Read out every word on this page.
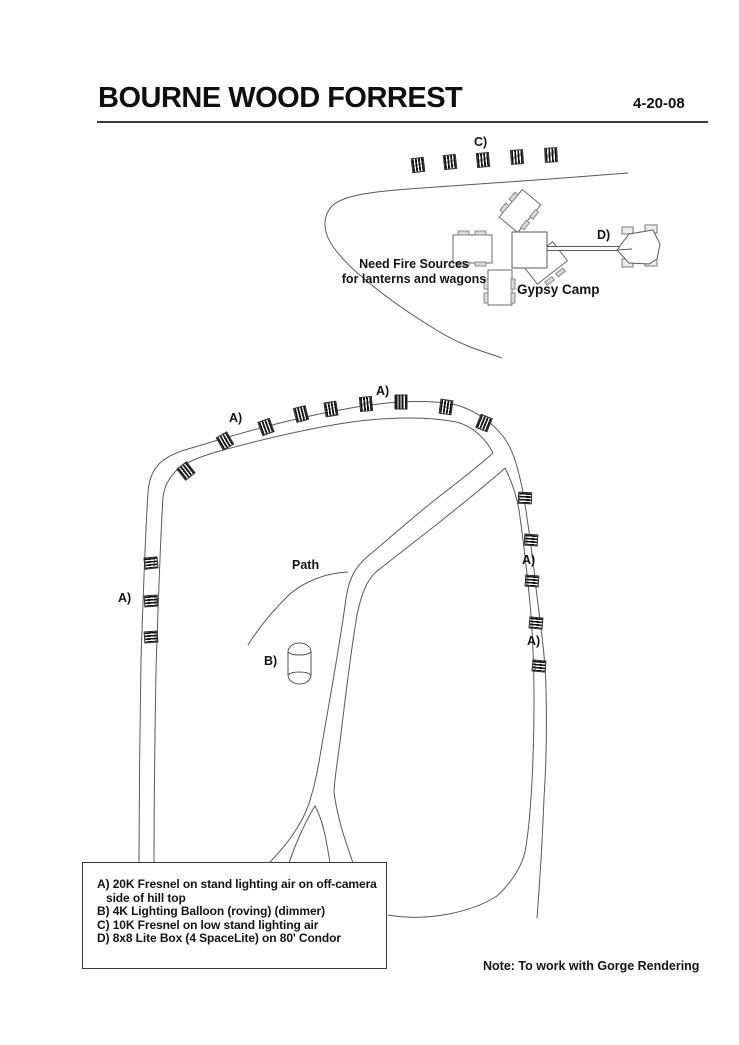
BOURNE WOOD FORREST	4-20-08
C)
D)
A)
A)
A)
A)
A)
B)
Path
Need Fire Sources
for lanterns and wagons
Gypsy Camp
A) 20K Fresnel on stand lighting air on off-camera
side of hill top
B) 4K Lighting Balloon (roving) (dimmer)
C) 10K Fresnel on low stand lighting air
D) 8x8 Lite Box (4 SpaceLite) on 80' Condor
Note: To work with Gorge Rendering
